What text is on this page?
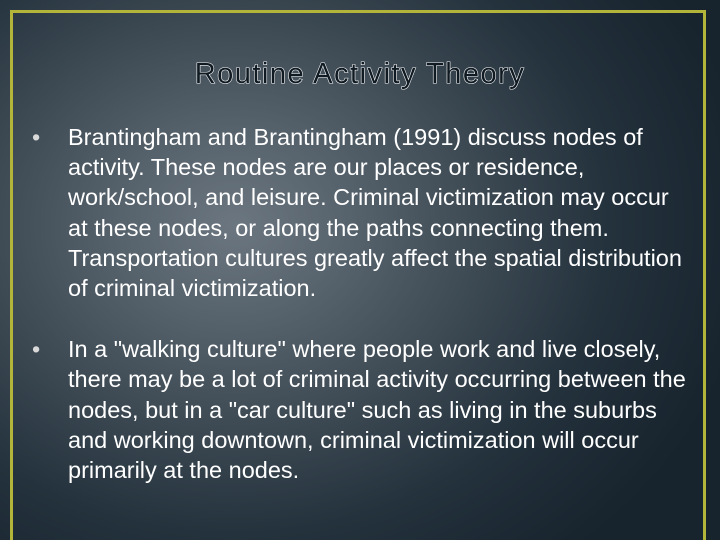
Routine Activity Theory
• Brantingham and Brantingham (1991) discuss nodes of activity. These nodes are our places or residence, work/school, and leisure. Criminal victimization may occur at these nodes, or along the paths connecting them. Transportation cultures greatly affect the spatial distribution of criminal victimization.
• In a "walking culture" where people work and live closely, there may be a lot of criminal activity occurring between the nodes, but in a "car culture" such as living in the suburbs and working downtown, criminal victimization will occur primarily at the nodes.
